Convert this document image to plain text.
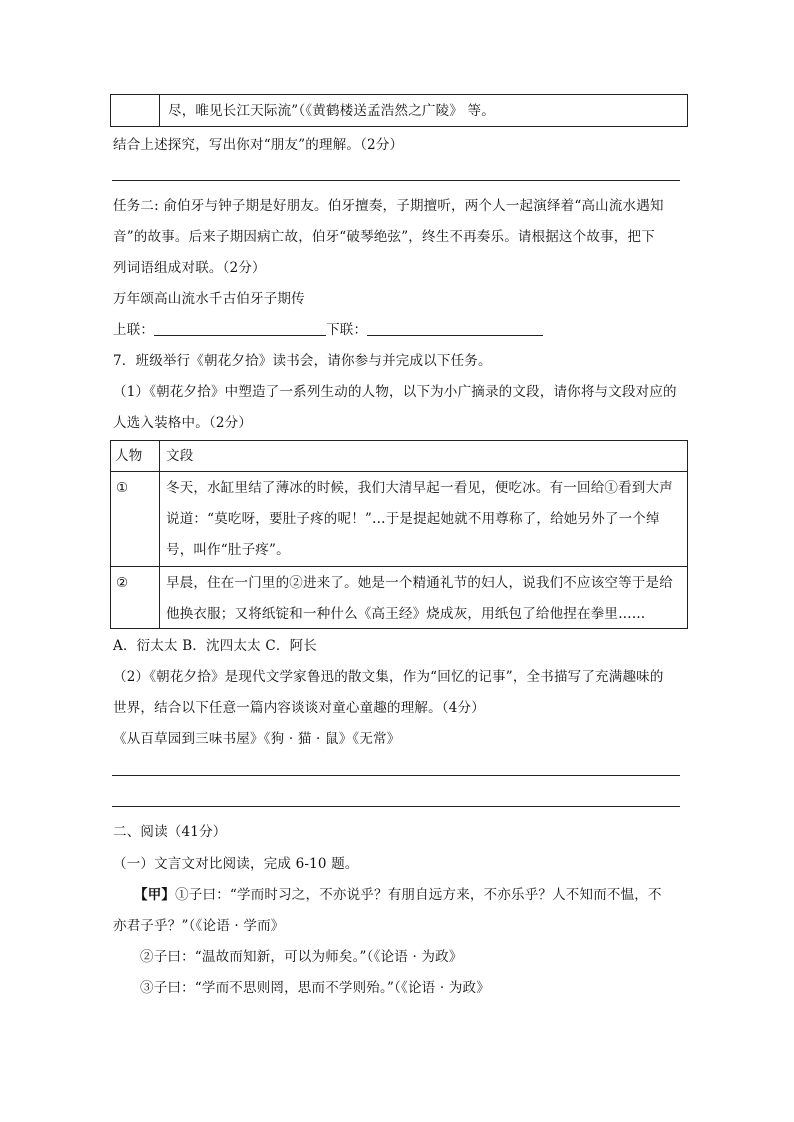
尽，唯见长江天际流”（《黄鹤楼送孟浩然之广陵》 等。
结合上述探究，写出你对“朋友”的理解。（2分）
任务二: 俞伯牙与钟子期是好朋友。伯牙擅奏，子期擅听，两个人一起演绎着“高山流水遇知
音”的故事。后来子期因病亡故，伯牙“破琴绝弦”，终生不再奏乐。请根据这个故事，把下
列词语组成对联。（2分）
万年颂高山流水千古伯牙子期传
上联：	下联：
7．班级举行《朝花夕拾》读书会，请你参与并完成以下任务。
（1）《朝花夕拾》中塑造了一系列生动的人物，以下为小广摘录的文段，请你将与文段对应的
人选入装格中。（2分）
人物 文段
①	冬天，水缸里结了薄冰的时候，我们大清早起一看见，便吃冰。有一回给①看到大声
说道：“莫吃呀，要肚子疼的呢！”…于是提起她就不用尊称了，给她另外了一个绰
号，叫作“肚子疼”。
②	早晨，住在一门里的②进来了。她是一个精通礼节的妇人，说我们不应该空等于是给
他换衣服；又将纸锭和一种什么《高王经》烧成灰，用纸包了给他捏在拳里……
A．衍太太 B．沈四太太 C．阿长
（2）《朝花夕拾》是现代文学家鲁迅的散文集，作为“回忆的记事”，全书描写了充满趣味的
世界，结合以下任意一篇内容谈谈对童心童趣的理解。（4分）
《从百草园到三味书屋》《狗 · 猫 · 鼠》《无常》
二、阅读（41分）
（一）文言文对比阅读，完成 6-10 题。
【甲】①子曰：“学而时习之，不亦说乎？有朋自远方来，不亦乐乎？人不知而不愠，不
亦君子乎？”（《论语 · 学而》
②子曰：“温故而知新，可以为师矣。”（《论语 · 为政》
③子曰：“学而不思则罔，思而不学则殆。”（《论语 · 为政》
